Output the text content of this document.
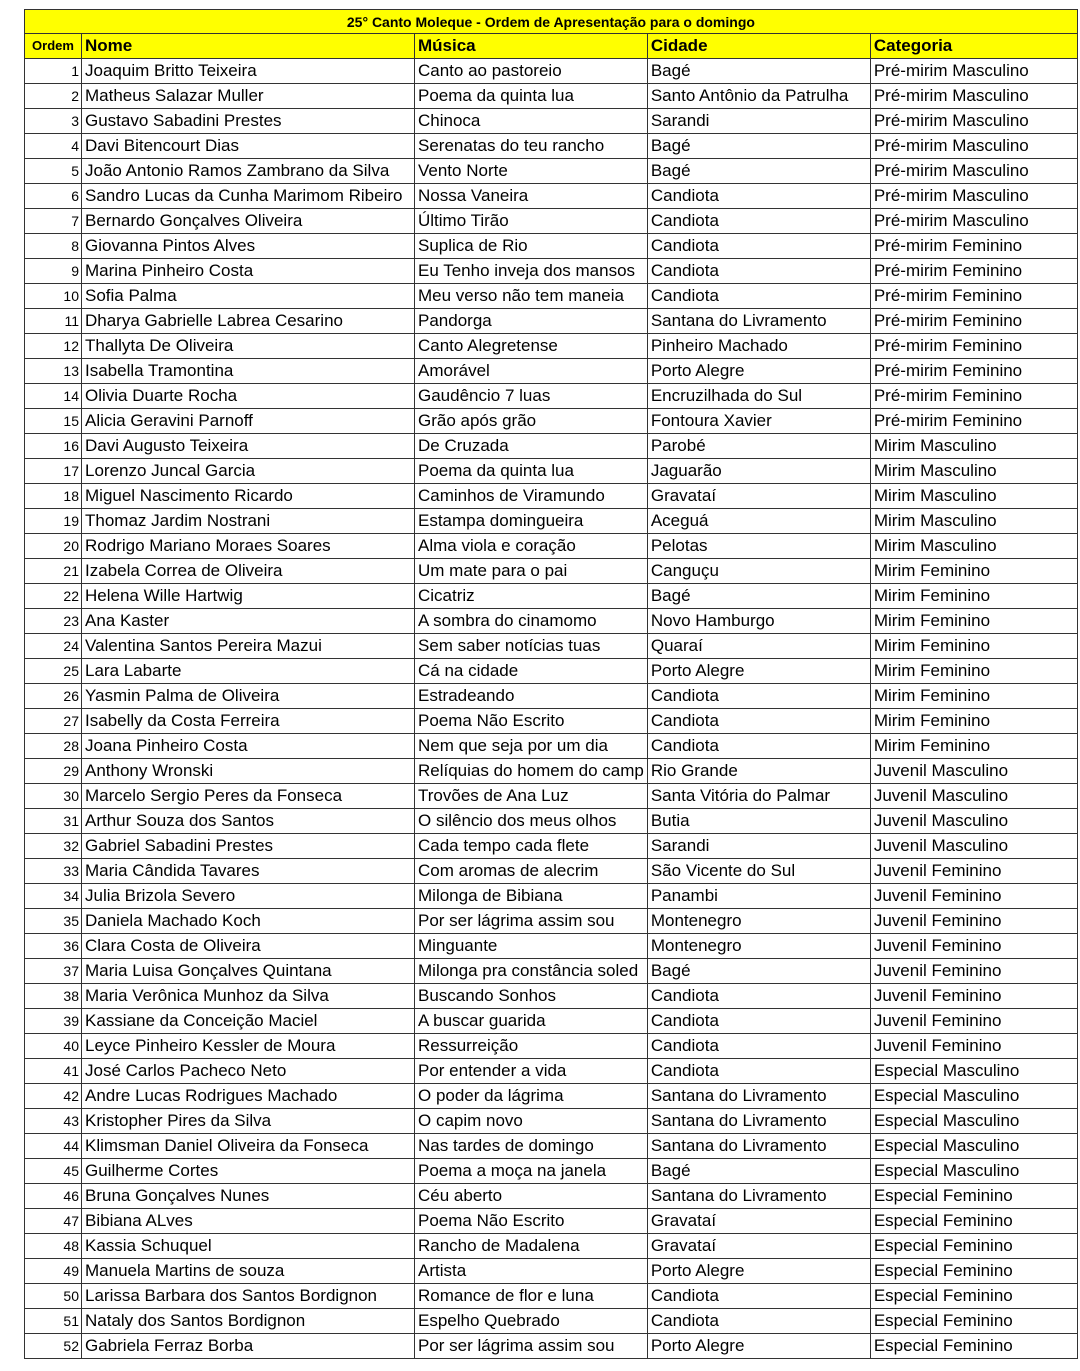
25° Canto Moleque - Ordem de Apresentação para o domingo				
Ordem	Nome	Música	Cidade	Categoria
1	Joaquim Britto Teixeira	Canto ao pastoreio	Bagé	Pré-mirim Masculino
2	Matheus Salazar Muller	Poema da quinta lua	Santo Antônio da Patrulha	Pré-mirim Masculino
3	Gustavo Sabadini Prestes	Chinoca	Sarandi	Pré-mirim Masculino
4	Davi Bitencourt Dias	Serenatas do teu rancho	Bagé	Pré-mirim Masculino
5	João Antonio Ramos Zambrano da Silva	Vento Norte	Bagé	Pré-mirim Masculino
6	Sandro Lucas da Cunha Marimom Ribeiro	Nossa Vaneira	Candiota	Pré-mirim Masculino
7	Bernardo Gonçalves Oliveira	Último Tirão	Candiota	Pré-mirim Masculino
8	Giovanna Pintos Alves	Suplica de Rio	Candiota	Pré-mirim Feminino
9	Marina Pinheiro Costa	Eu Tenho inveja dos mansos	Candiota	Pré-mirim Feminino
10	Sofia Palma	Meu verso não tem maneia	Candiota	Pré-mirim Feminino
11	Dharya Gabrielle Labrea Cesarino	Pandorga	Santana do Livramento	Pré-mirim Feminino
12	Thallyta De Oliveira	Canto Alegretense	Pinheiro Machado	Pré-mirim Feminino
13	Isabella Tramontina	Amorável	Porto Alegre	Pré-mirim Feminino
14	Olivia Duarte Rocha	Gaudêncio 7 luas	Encruzilhada do Sul	Pré-mirim Feminino
15	Alicia Geravini Parnoff	Grão após grão	Fontoura Xavier	Pré-mirim Feminino
16	Davi Augusto Teixeira	De Cruzada	Parobé	Mirim Masculino
17	Lorenzo Juncal Garcia	Poema da quinta lua	Jaguarão	Mirim Masculino
18	Miguel Nascimento Ricardo	Caminhos de Viramundo	Gravataí	Mirim Masculino
19	Thomaz Jardim Nostrani	Estampa domingueira	Aceguá	Mirim Masculino
20	Rodrigo Mariano Moraes Soares	Alma viola e coração	Pelotas	Mirim Masculino
21	Izabela Correa de Oliveira	Um mate para o pai	Canguçu	Mirim Feminino
22	Helena Wille Hartwig	Cicatriz	Bagé	Mirim Feminino
23	Ana Kaster	A sombra do cinamomo	Novo Hamburgo	Mirim Feminino
24	Valentina Santos Pereira Mazui	Sem saber notícias tuas	Quaraí	Mirim Feminino
25	Lara Labarte	Cá na cidade	Porto Alegre	Mirim Feminino
26	Yasmin Palma de Oliveira	Estradeando	Candiota	Mirim Feminino
27	Isabelly da Costa Ferreira	Poema Não Escrito	Candiota	Mirim Feminino
28	Joana Pinheiro Costa	Nem que seja por um dia	Candiota	Mirim Feminino
29	Anthony Wronski	Relíquias do homem do camp	Rio Grande	Juvenil Masculino
30	Marcelo Sergio Peres da Fonseca	Trovões de Ana Luz	Santa Vitória do Palmar	Juvenil Masculino
31	Arthur Souza dos Santos	O silêncio dos meus olhos	Butia	Juvenil Masculino
32	Gabriel Sabadini Prestes	Cada tempo cada flete	Sarandi	Juvenil Masculino
33	Maria Cândida Tavares	Com aromas de alecrim	São Vicente do Sul	Juvenil Feminino
34	Julia Brizola Severo	Milonga de Bibiana	Panambi	Juvenil Feminino
35	Daniela Machado Koch	Por ser lágrima assim sou	Montenegro	Juvenil Feminino
36	Clara Costa de Oliveira	Minguante	Montenegro	Juvenil Feminino
37	Maria Luisa Gonçalves Quintana	Milonga pra constância soled	Bagé	Juvenil Feminino
38	Maria Verônica Munhoz da Silva	Buscando Sonhos	Candiota	Juvenil Feminino
39	Kassiane da Conceição Maciel	A buscar guarida	Candiota	Juvenil Feminino
40	Leyce Pinheiro Kessler de Moura	Ressurreição	Candiota	Juvenil Feminino
41	José Carlos Pacheco Neto	Por entender a vida	Candiota	Especial Masculino
42	Andre Lucas Rodrigues Machado	O poder da lágrima	Santana do Livramento	Especial Masculino
43	Kristopher Pires da Silva	O capim novo	Santana do Livramento	Especial Masculino
44	Klimsman Daniel Oliveira da Fonseca	Nas tardes de domingo	Santana do Livramento	Especial Masculino
45	Guilherme Cortes	Poema a moça na janela	Bagé	Especial Masculino
46	Bruna Gonçalves Nunes	Céu aberto	Santana do Livramento	Especial Feminino
47	Bibiana ALves	Poema Não Escrito	Gravataí	Especial Feminino
48	Kassia Schuquel	Rancho de Madalena	Gravataí	Especial Feminino
49	Manuela Martins de souza	Artista	Porto Alegre	Especial Feminino
50	Larissa Barbara dos Santos Bordignon	Romance de flor e luna	Candiota	Especial Feminino
51	Nataly dos Santos Bordignon	Espelho Quebrado	Candiota	Especial Feminino
52	Gabriela Ferraz Borba	Por ser lágrima assim sou	Porto Alegre	Especial Feminino
